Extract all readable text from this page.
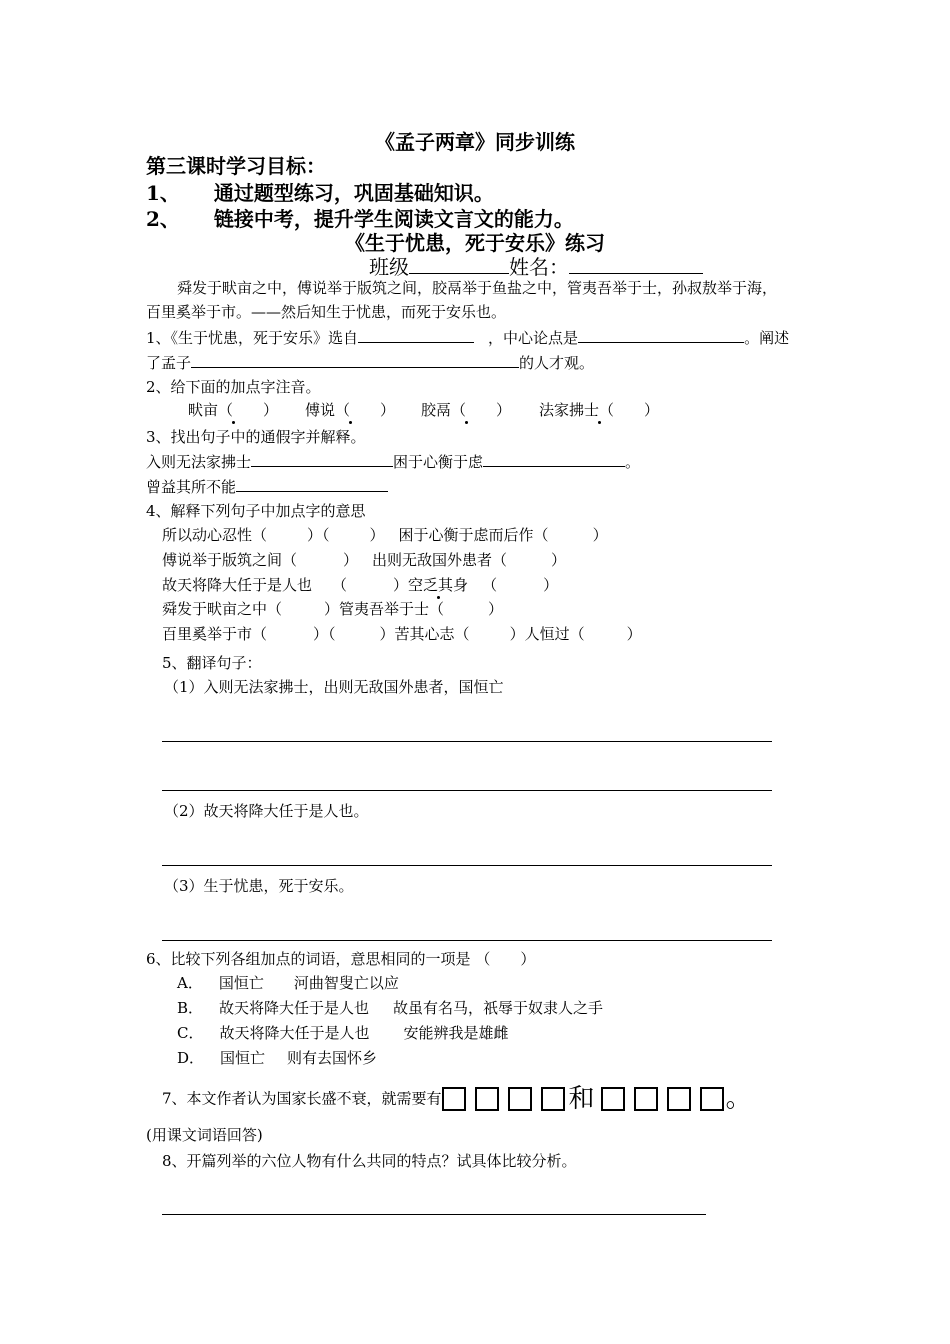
《孟子两章》同步训练
第三课时学习目标：
1、 通过题型练习，巩固基础知识。
2、 链接中考，提升学生阅读文言文的能力。
《生于忧患，死于安乐》练习
班级	姓名：
舜发于畎亩之中，傅说举于版筑之间，胶鬲举于鱼盐之中，管夷吾举于士，孙叔敖举于海，
百里奚举于市。——然后知生于忧患，而死于安乐也。
1、《生于忧患，死于安乐》选自	，中心论点是	。阐述
了孟子	的人才观。
2、给下面的加点字注音。
畎亩（　　） 傅说（　　） 胶鬲（　　） 法家拂士（　　）
3、找出句子中的通假字并解释。
入则无法家拂士	困于心衡于虑	。
曾益其所不能
4、解释下列句子中加点字的意思
所以动心忍性（	）（	） 困于心衡于虑而后作（	）
傅说举于版筑之间（	） 出则无敌国外患者（	）
故天将降大任于是人也 （	）空乏其身 （	）
舜发于畎亩之中（	）管夷吾举于士（	）
百里奚举于市（	）（	）苦其心志（	）人恒过（	）
5、翻译句子：
（1）入则无法家拂士，出则无敌国外患者，国恒亡
（2）故天将降大任于是人也。
（3）生于忧患，死于安乐。
6、比较下列各组加点的词语，意思相同的一项是 （　　）
A． 国恒亡 河曲智叟亡以应
B． 故天将降大任于是人也 故虽有名马，祇辱于奴隶人之手
C． 故天将降大任于是人也 安能辨我是雄雌
D． 国恒亡 则有去国怀乡
7、本文作者认为国家长盛不衰，就需要有	和	。
(用课文词语回答)
8、开篇列举的六位人物有什么共同的特点？试具体比较分析。
